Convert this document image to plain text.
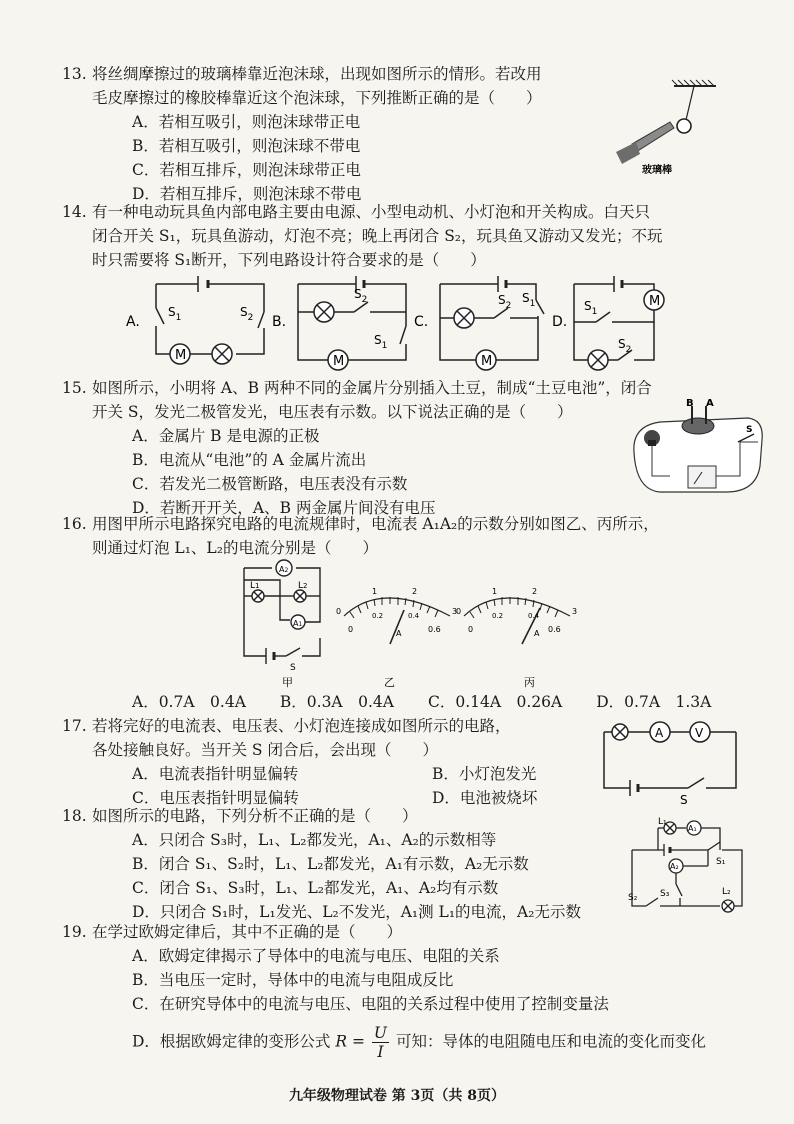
13. 将丝绸摩擦过的玻璃棒靠近泡沫球，出现如图所示的情形。若改用
毛皮摩擦过的橡胶棒靠近这个泡沫球，下列推断正确的是（　　）
A．若相互吸引，则泡沫球带正电
B．若相互吸引，则泡沫球不带电
C．若相互排斥，则泡沫球带正电
D．若相互排斥，则泡沫球不带电
玻璃棒
14. 有一种电动玩具鱼内部电路主要由电源、小型电动机、小灯泡和开关构成。白天只
闭合开关 S₁，玩具鱼游动，灯泡不亮；晚上再闭合 S₂，玩具鱼又游动又发光；不玩
时只需要将 S₁断开，下列电路设计符合要求的是（　　）
A.
M
$S_1$	$S_2$ B.
M
$S_2$
$S_1$
C.
M
$S_2$
$S_1$
D.
M
$S_1$
$S_2$
15. 如图所示，小明将 A、B 两种不同的金属片分别插入土豆，制成“土豆电池”，闭合
开关 S，发光二极管发光，电压表有示数。以下说法正确的是（　　）
A．金属片 B 是电源的正极
B．电流从“电池”的 A 金属片流出
C．若发光二极管断路，电压表没有示数
D．若断开开关，A、B 两金属片间没有电压
B A
S
16. 用图甲所示电路探究电路的电流规律时，电流表 A₁A₂的示数分别如图乙、丙所示，
则通过灯泡 L₁、L₂的电流分别是（　　）
A2
A1
L1	L2
S
甲
0
1	2
3
0
0.2	0.4
0.6
A
乙
0
1	2
3
0
0.2	0.4
0.6
A
丙
A．0.7A　0.4A B．0.3A　0.4A C．0.14A　0.26A D．0.7A　1.3A
17. 若将完好的电流表、电压表、小灯泡连接成如图所示的电路，
各处接触良好。当开关 S 闭合后，会出现（　　）
A．电流表指针明显偏转	B．小灯泡发光
C．电压表指针明显偏转	D．电池被烧坏
A	V
S
18. 如图所示的电路，下列分析不正确的是（　　）
A．只闭合 S₃时，L₁、L₂都发光，A₁、A₂的示数相等
B．闭合 S₁、S₂时，L₁、L₂都发光，A₁有示数，A₂无示数
C．闭合 S₁、S₃时，L₁、L₂都发光，A₁、A₂均有示数
D．只闭合 S₁时，L₁发光、L₂不发光，A₁测 L₁的电流，A₂无示数
L₁
A₁
A₂	S₁
S₂	S₃	L₂
19. 在学过欧姆定律后，其中不正确的是（　　）
A．欧姆定律揭示了导体中的电流与电压、电阻的关系
B．当电压一定时，导体中的电流与电阻成反比
C．在研究导体中的电流与电压、电阻的关系过程中使用了控制变量法
D．根据欧姆定律的变形公式 $R = \frac{U}{I}$ 可知：导体的电阻随电压和电流的变化而变化
九年级物理试卷 第 3页（共 8页）
